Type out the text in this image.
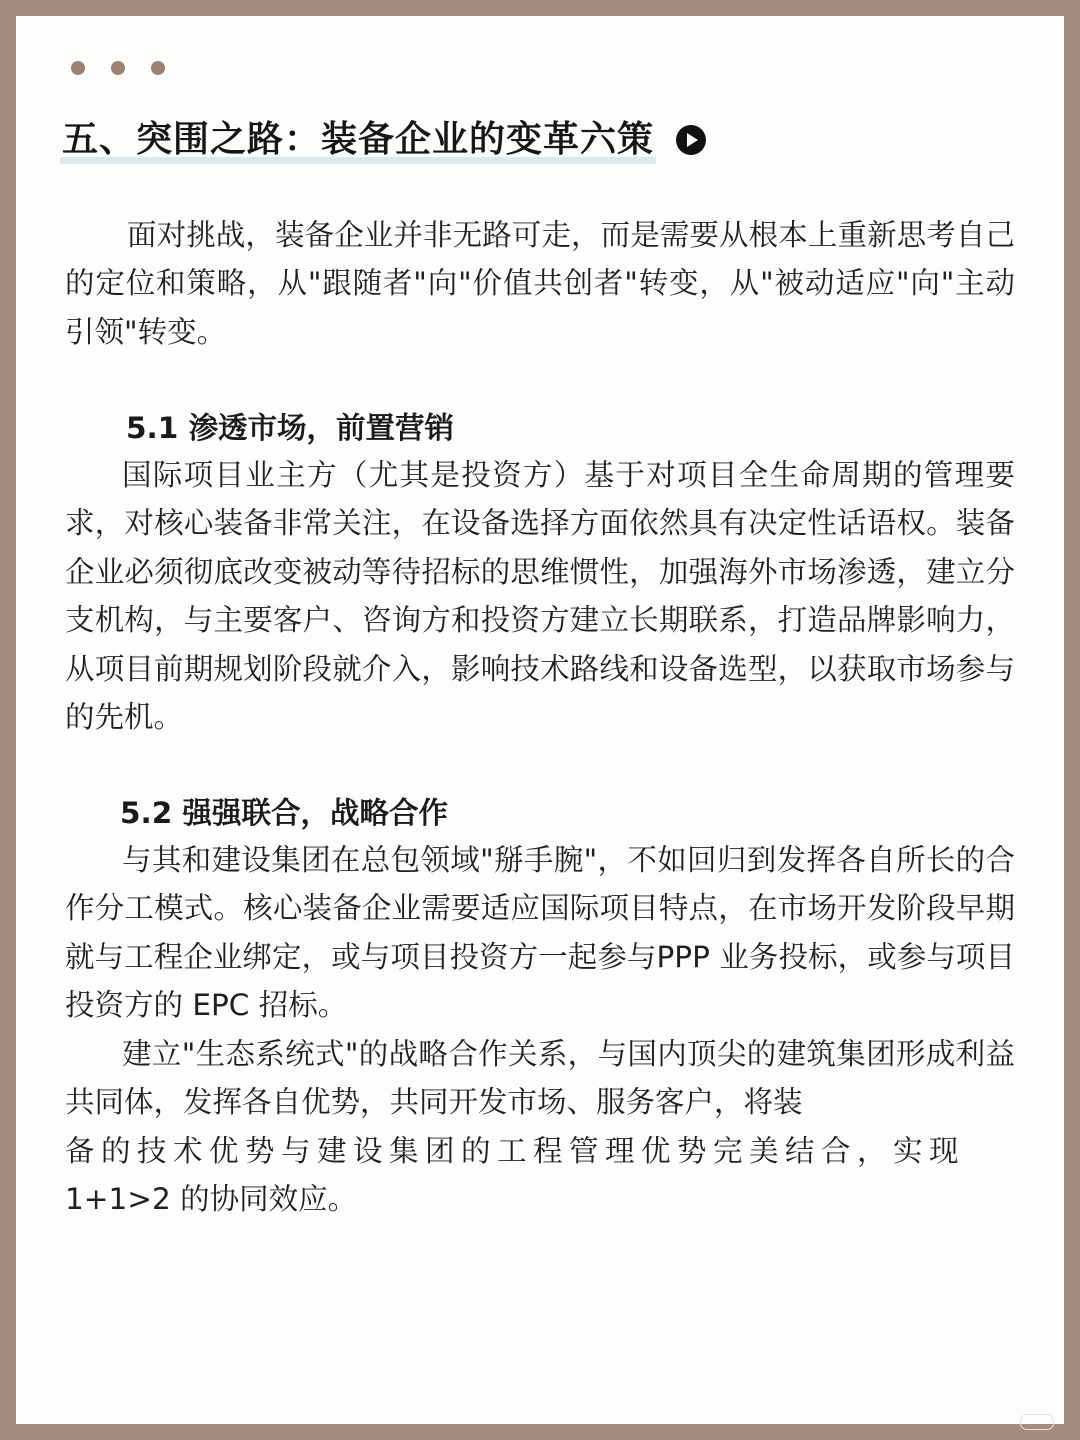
五、突围之路：装备企业的变革六策

面对挑战，装备企业并非无路可走，而是需要从根本上重新思考自己的定位和策略，从"跟随者"向"价值共创者"转变，从"被动适应"向"主动引领"转变。

5.1 渗透市场，前置营销

国际项目业主方（尤其是投资方）基于对项目全生命周期的管理要求，对核心装备非常关注，在设备选择方面依然具有决定性话语权。装备企业必须彻底改变被动等待招标的思维惯性，加强海外市场渗透，建立分支机构，与主要客户、咨询方和投资方建立长期联系，打造品牌影响力，从项目前期规划阶段就介入，影响技术路线和设备选型，以获取市场参与的先机。

5.2 强强联合，战略合作

与其和建设集团在总包领域"掰手腕"，不如回归到发挥各自所长的合作分工模式。核心装备企业需要适应国际项目特点，在市场开发阶段早期就与工程企业绑定，或与项目投资方一起参与PPP 业务投标，或参与项目投资方的 EPC 招标。

建立"生态系统式"的战略合作关系，与国内顶尖的建筑集团形成利益共同体，发挥各自优势，共同开发市场、服务客户，将装

备的技术优势与建设集团的工程管理优势完美结合，实现

1+1>2 的协同效应。
